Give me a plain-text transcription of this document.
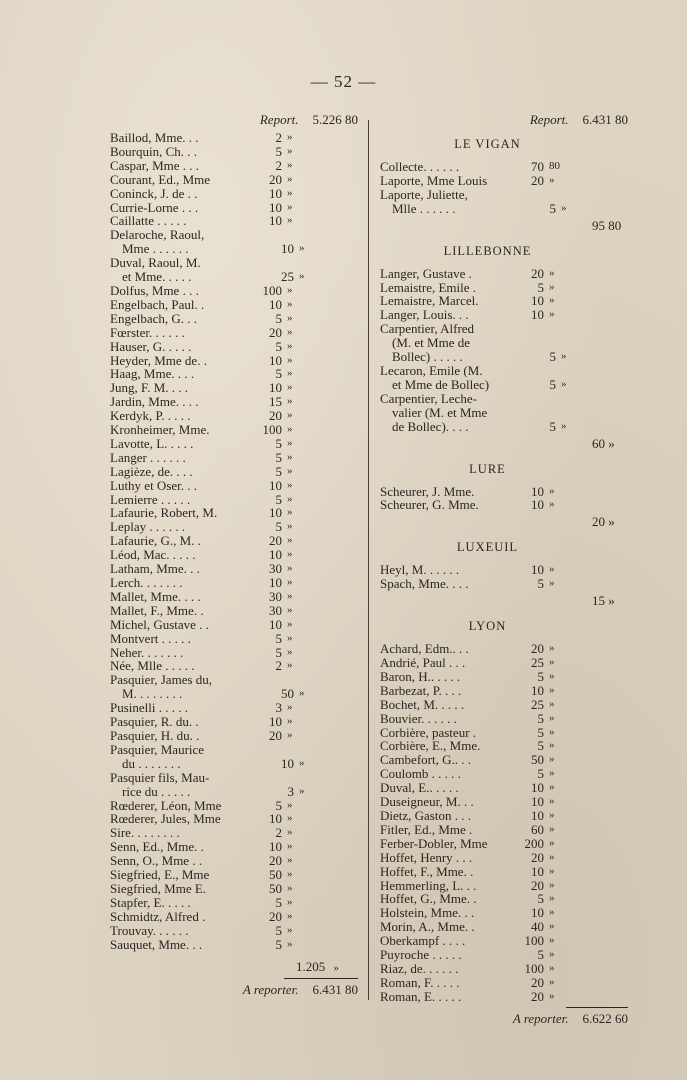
— 52 —
Report. 5.226 80
Baillod, Mme. . .	2 »
Bourquin, Ch. . .	5 »
Caspar, Mme . . .	2 »
Courant, Ed., Mme	20 »
Coninck, J. de . .	10 »
Currie-Lorne . . .	10 »
Caillatte . . . . .	10 »
Delaroche, Raoul,
Mme . . . . . .	10 »
Duval, Raoul, M.
et Mme. . . . .	25 »
Dolfus, Mme . . .	100 »
Engelbach, Paul. .	10 »
Engelbach, G. . .	5 »
Fœrster. . . . . .	20 »
Hauser, G. . . . .	5 »
Heyder, Mme de. .	10 »
Haag, Mme. . . .	5 »
Jung, F. M. . . .	10 »
Jardin, Mme. . . .	15 »
Kerdyk, P. . . . .	20 »
Kronheimer, Mme.	100 »
Lavotte, L. . . . .	5 »
Langer . . . . . .	5 »
Lagièze, de. . . .	5 »
Luthy et Oser. . .	10 »
Lemierre . . . . .	5 »
Lafaurie, Robert, M.	10 »
Leplay . . . . . .	5 »
Lafaurie, G., M. .	20 »
Léod, Mac. . . . .	10 »
Latham, Mme. . .	30 »
Lerch. . . . . . .	10 »
Mallet, Mme. . . .	30 »
Mallet, F., Mme. .	30 »
Michel, Gustave . .	10 »
Montvert . . . . .	5 »
Neher. . . . . . .	5 »
Née, Mlle . . . . .	2 »
Pasquier, James du,
M. . . . . . . .	50 »
Pusinelli . . . . .	3 »
Pasquier, R. du. .	10 »
Pasquier, H. du. .	20 »
Pasquier, Maurice
du . . . . . . .	10 »
Pasquier fils, Mau-
rice du . . . . .	3 »
Rœderer, Léon, Mme	5 »
Rœderer, Jules, Mme	10 »
Sire. . . . . . . .	2 »
Senn, Ed., Mme. .	10 »
Senn, O., Mme . .	20 »
Siegfried, E., Mme	50 »
Siegfried, Mme E.	50 »
Stapfer, E. . . . .	5 »
Schmidtz, Alfred .	20 »
Trouvay. . . . . .	5 »
Sauquet, Mme. . .	5 »
1.205 »
A reporter. 6.431 80
Report. 6.431 80
LE VIGAN
Collecte. . . . . .	70 80
Laporte, Mme Louis	20 »
Laporte, Juliette,
Mlle . . . . . .	5 »
95 80
LILLEBONNE
Langer, Gustave .	20 »
Lemaistre, Emile .	5 »
Lemaistre, Marcel.	10 »
Langer, Louis. . .	10 »
Carpentier, Alfred
(M. et Mme de
Bollec) . . . . .	5 »
Lecaron, Emile (M.
et Mme de Bollec)	5 »
Carpentier, Leche-
valier (M. et Mme
de Bollec). . . .	5 »
60 »
LURE
Scheurer, J. Mme.	10 »
Scheurer, G. Mme.	10 »
20 »
LUXEUIL
Heyl, M. . . . . .	10 »
Spach, Mme. . . .	5 »
15 »
LYON
Achard, Edm.. . .	20 »
Andrié, Paul . . .	25 »
Baron, H.. . . . .	5 »
Barbezat, P. . . .	10 »
Bochet, M. . . . .	25 »
Bouvier. . . . . .	5 »
Corbière, pasteur .	5 »
Corbière, E., Mme.	5 »
Cambefort, G.. . .	50 »
Coulomb . . . . .	5 »
Duval, E.. . . . .	10 »
Duseigneur, M. . .	10 »
Dietz, Gaston . . .	10 »
Fitler, Ed., Mme .	60 »
Ferber-Dobler, Mme	200 »
Hoffet, Henry . . .	20 »
Hoffet, F., Mme. .	10 »
Hemmerling, L. . .	20 »
Hoffet, G., Mme. .	5 »
Holstein, Mme. . .	10 »
Morin, A., Mme. .	40 »
Oberkampf . . . .	100 »
Puyroche . . . . .	5 »
Riaz, de. . . . . .	100 »
Roman, F. . . . .	20 »
Roman, E. . . . .	20 »
A reporter. 6.622 60
